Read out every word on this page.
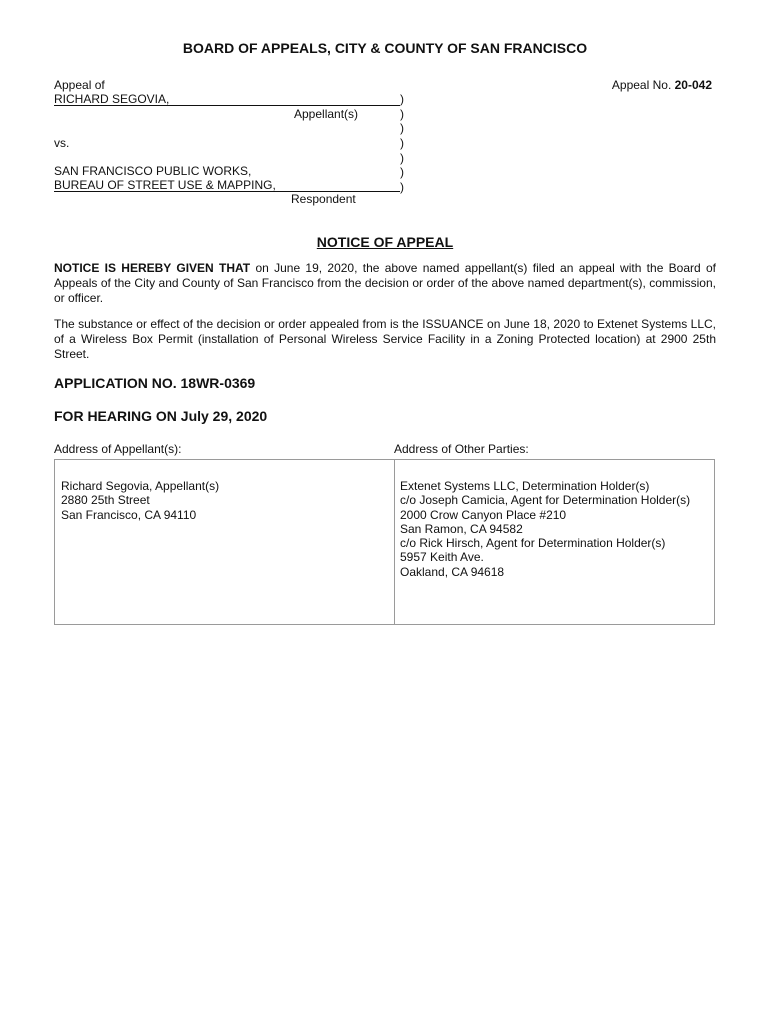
BOARD OF APPEALS, CITY & COUNTY OF SAN FRANCISCO
Appeal of
RICHARD SEGOVIA,
Appellant(s)
vs.
SAN FRANCISCO PUBLIC WORKS,
BUREAU OF STREET USE & MAPPING,
Respondent
)
)
)
)
)
)
)
Appeal No. 20-042
NOTICE OF APPEAL
NOTICE IS HEREBY GIVEN THAT on June 19, 2020, the above named appellant(s) filed an appeal with the Board of Appeals of the City and County of San Francisco from the decision or order of the above named department(s), commission, or officer.
The substance or effect of the decision or order appealed from is the ISSUANCE on June 18, 2020 to Extenet Systems LLC, of a Wireless Box Permit (installation of Personal Wireless Service Facility in a Zoning Protected location) at 2900 25th Street.
APPLICATION NO. 18WR-0369
FOR HEARING ON July 29, 2020
Address of Appellant(s):	Address of Other Parties:
Richard Segovia, Appellant(s)
2880 25th Street
San Francisco, CA 94110
Extenet Systems LLC, Determination Holder(s)
c/o Joseph Camicia, Agent for Determination Holder(s)
2000 Crow Canyon Place #210
San Ramon, CA 94582
c/o Rick Hirsch, Agent for Determination Holder(s)
5957 Keith Ave.
Oakland, CA 94618
